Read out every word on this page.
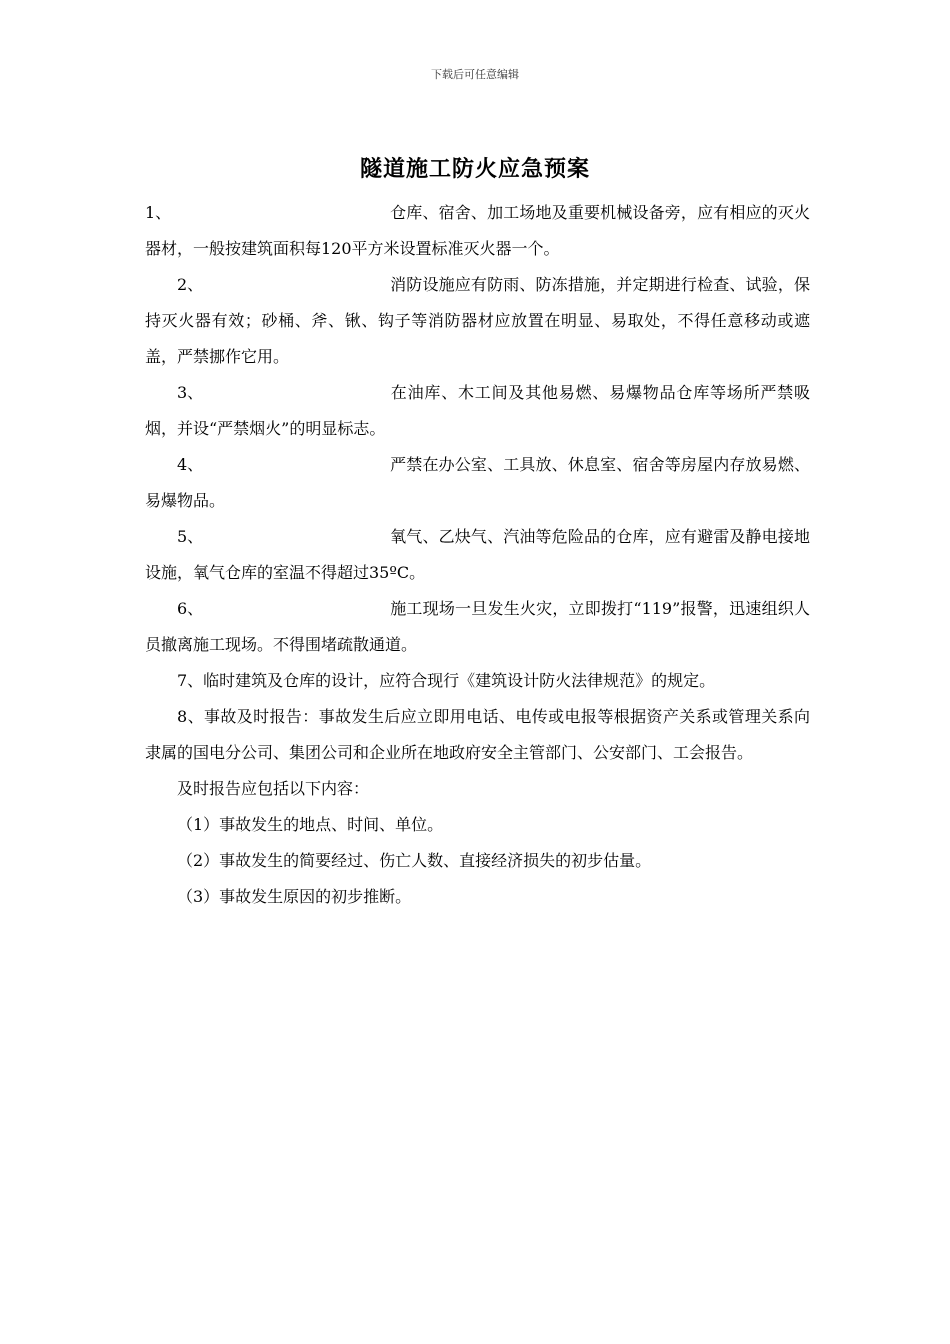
下载后可任意编辑
隧道施工防火应急预案

1、	仓库、宿舍、加工场地及重要机械设备旁，应有相应的灭火器材，一般按建筑面积每120平方米设置标准灭火器一个。

2、	消防设施应有防雨、防冻措施，并定期进行检查、试验，保持灭火器有效；砂桶、斧、锹、钩子等消防器材应放置在明显、易取处，不得任意移动或遮盖，严禁挪作它用。

3、	在油库、木工间及其他易燃、易爆物品仓库等场所严禁吸烟，并设“严禁烟火”的明显标志。

4、	严禁在办公室、工具放、休息室、宿舍等房屋内存放易燃、易爆物品。

5、	氧气、乙炔气、汽油等危险品的仓库，应有避雷及静电接地设施，氧气仓库的室温不得超过35ºC。

6、	施工现场一旦发生火灾，立即拨打“119”报警，迅速组织人员撤离施工现场。不得围堵疏散通道。

7、临时建筑及仓库的设计，应符合现行《建筑设计防火法律规范》的规定。

8、事故及时报告：事故发生后应立即用电话、电传或电报等根据资产关系或管理关系向隶属的国电分公司、集团公司和企业所在地政府安全主管部门、公安部门、工会报告。

及时报告应包括以下内容：

（1）事故发生的地点、时间、单位。

（2）事故发生的简要经过、伤亡人数、直接经济损失的初步估量。

（3）事故发生原因的初步推断。
